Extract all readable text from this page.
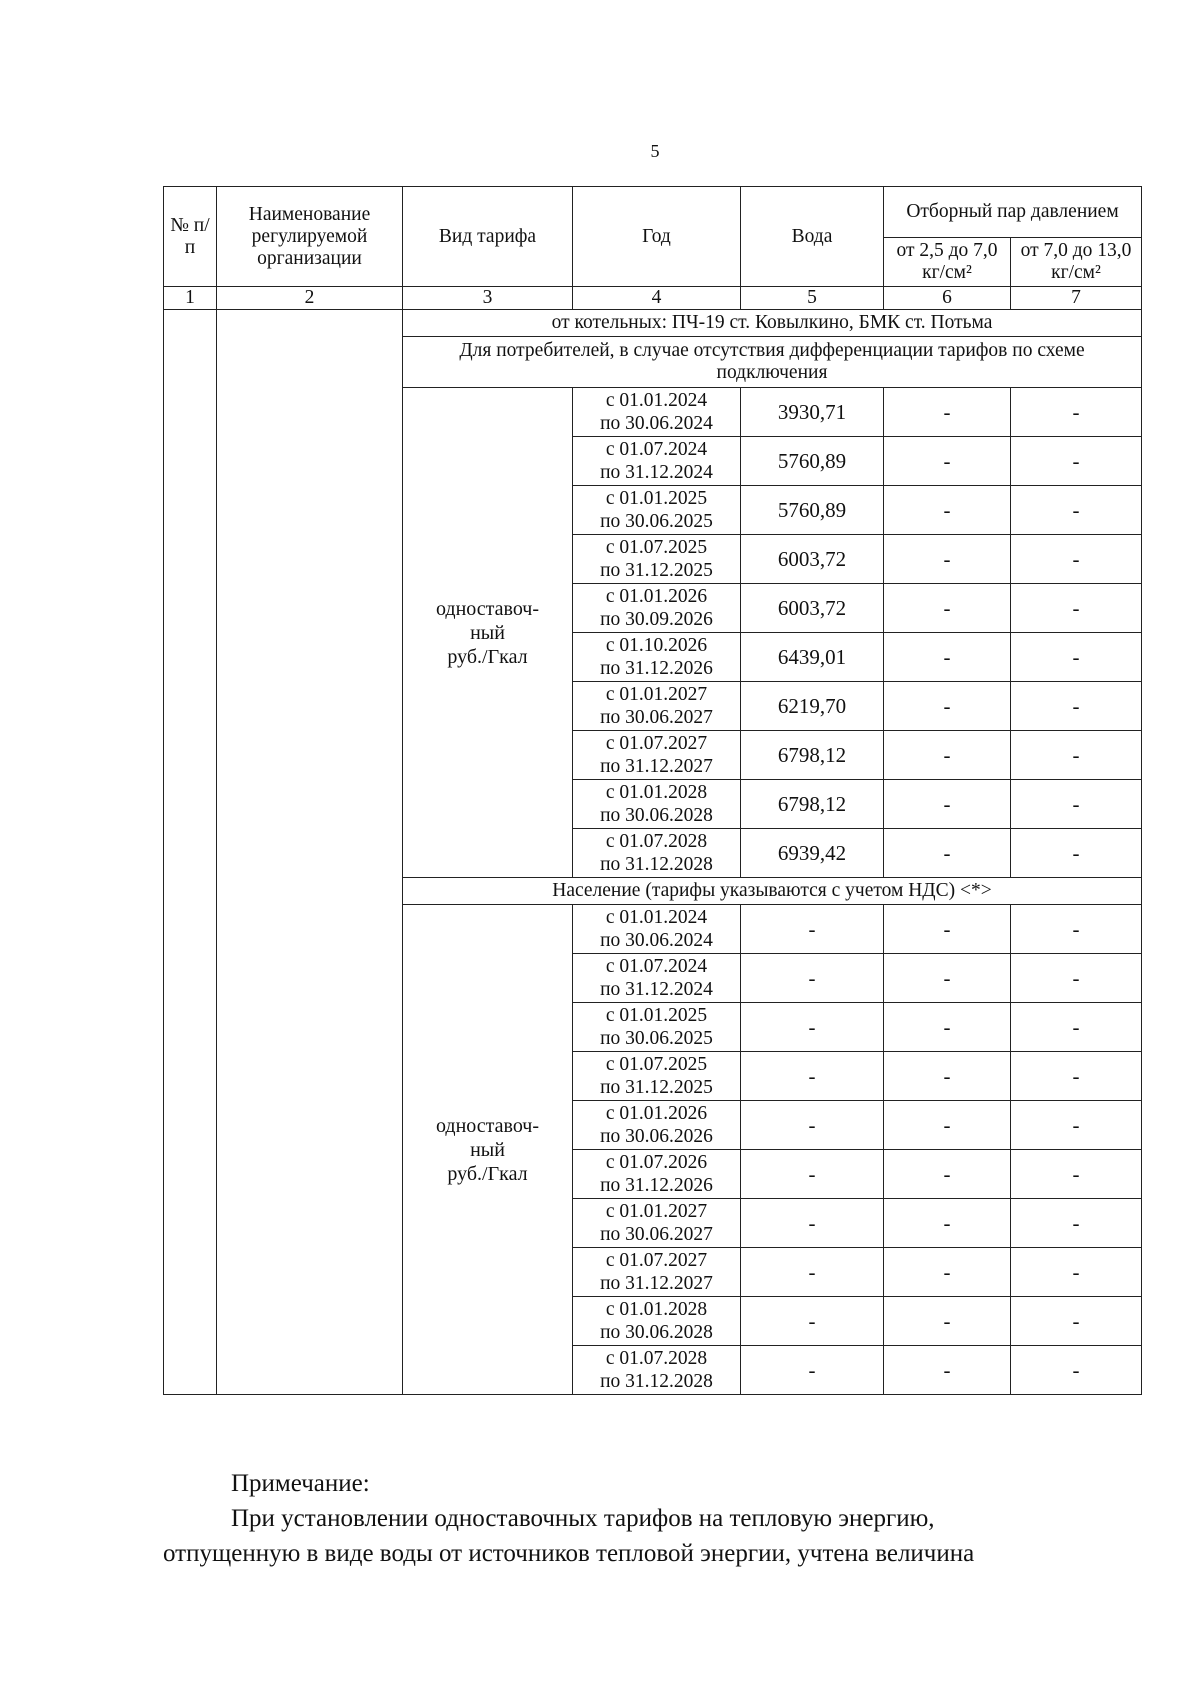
5
№ п/п	Наименование регулируемой организации	Вид тарифа	Год	Вода	Отборный пар давлением	
					от 2,5 до 7,0 кг/см²	от 7,0 до 13,0 кг/см²
1	2	3	4	5	6	7
		от котельных: ПЧ-19 ст. Ковылкино, БМК ст. Потьма				
		Для потребителей, в случае отсутствия дифференциации тарифов по схеме подключения				
		одноставоч-
ный
руб./Гкал	с 01.01.2024
по 30.06.2024	3930,71	-	-
			с 01.07.2024
по 31.12.2024	5760,89	-	-
			с 01.01.2025
по 30.06.2025	5760,89	-	-
			с 01.07.2025
по 31.12.2025	6003,72	-	-
			с 01.01.2026
по 30.09.2026	6003,72	-	-
			с 01.10.2026
по 31.12.2026	6439,01	-	-
			с 01.01.2027
по 30.06.2027	6219,70	-	-
			с 01.07.2027
по 31.12.2027	6798,12	-	-
			с 01.01.2028
по 30.06.2028	6798,12	-	-
			с 01.07.2028
по 31.12.2028	6939,42	-	-
		Население (тарифы указываются с учетом НДС) <*>				
		одноставоч-
ный
руб./Гкал	с 01.01.2024
по 30.06.2024	-	-	-
			с 01.07.2024
по 31.12.2024	-	-	-
			с 01.01.2025
по 30.06.2025	-	-	-
			с 01.07.2025
по 31.12.2025	-	-	-
			с 01.01.2026
по 30.06.2026	-	-	-
			с 01.07.2026
по 31.12.2026	-	-	-
			с 01.01.2027
по 30.06.2027	-	-	-
			с 01.07.2027
по 31.12.2027	-	-	-
			с 01.01.2028
по 30.06.2028	-	-	-
			с 01.07.2028
по 31.12.2028	-	-	-
Примечание:
При установлении одноставочных тарифов на тепловую энергию,
отпущенную в виде воды от источников тепловой энергии, учтена величина
